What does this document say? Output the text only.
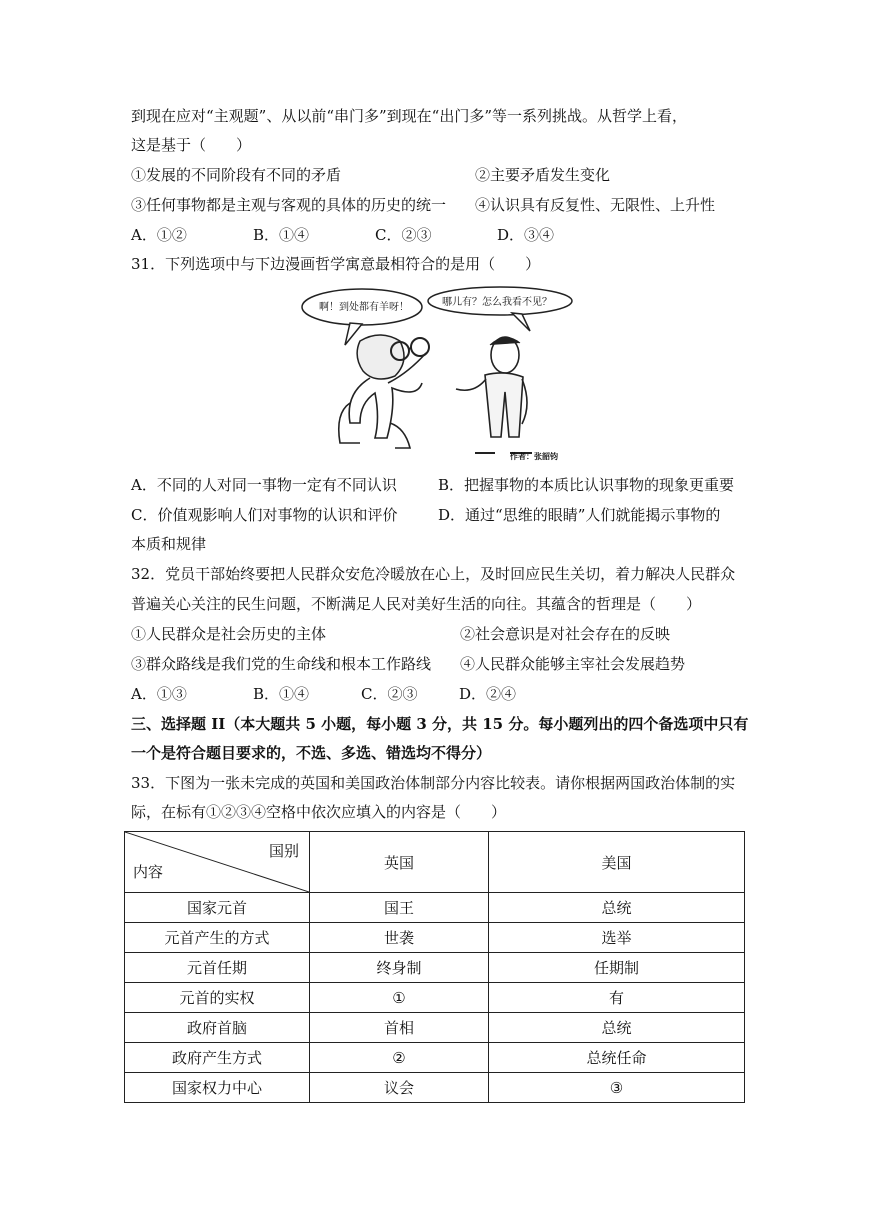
到现在应对“主观题”、从以前“串门多”到现在“出门多”等一系列挑战。从哲学上看，
这是基于（　　）
①发展的不同阶段有不同的矛盾	②主要矛盾发生变化
③任何事物都是主观与客观的具体的历史的统一 ④认识具有反复性、无限性、上升性
A．①②	B．①④	C．②③	D．③④
31．下列选项中与下边漫画哲学寓意最相符合的是用（　　）
啊！到处都有羊呀！	哪儿有？怎么我看不见？
作者：张韶钧
A．不同的人对同一事物一定有不同认识	B．把握事物的本质比认识事物的现象更重要
C．价值观影响人们对事物的认识和评价	D．通过“思维的眼睛”人们就能揭示事物的
本质和规律
32．党员干部始终要把人民群众安危冷暖放在心上，及时回应民生关切，着力解决人民群众
普遍关心关注的民生问题，不断满足人民对美好生活的向往。其蕴含的哲理是（　　）
①人民群众是社会历史的主体	②社会意识是对社会存在的反映
③群众路线是我们党的生命线和根本工作路线 ④人民群众能够主宰社会发展趋势
A．①③	B．①④	C．②③	D．②④
三、选择题 II（本大题共 5 小题，每小题 3 分，共 15 分。每小题列出的四个备选项中只有
一个是符合题目要求的，不选、多选、错选均不得分）
33．下图为一张未完成的英国和美国政治体制部分内容比较表。请你根据两国政治体制的实
际，在标有①②③④空格中依次应填入的内容是（　　）
国别
内容	英国	美国
国家元首	国王	总统
元首产生的方式	世袭	选举
元首任期	终身制	任期制
元首的实权	①	有
政府首脑	首相	总统
政府产生方式	②	总统任命
国家权力中心	议会	③
